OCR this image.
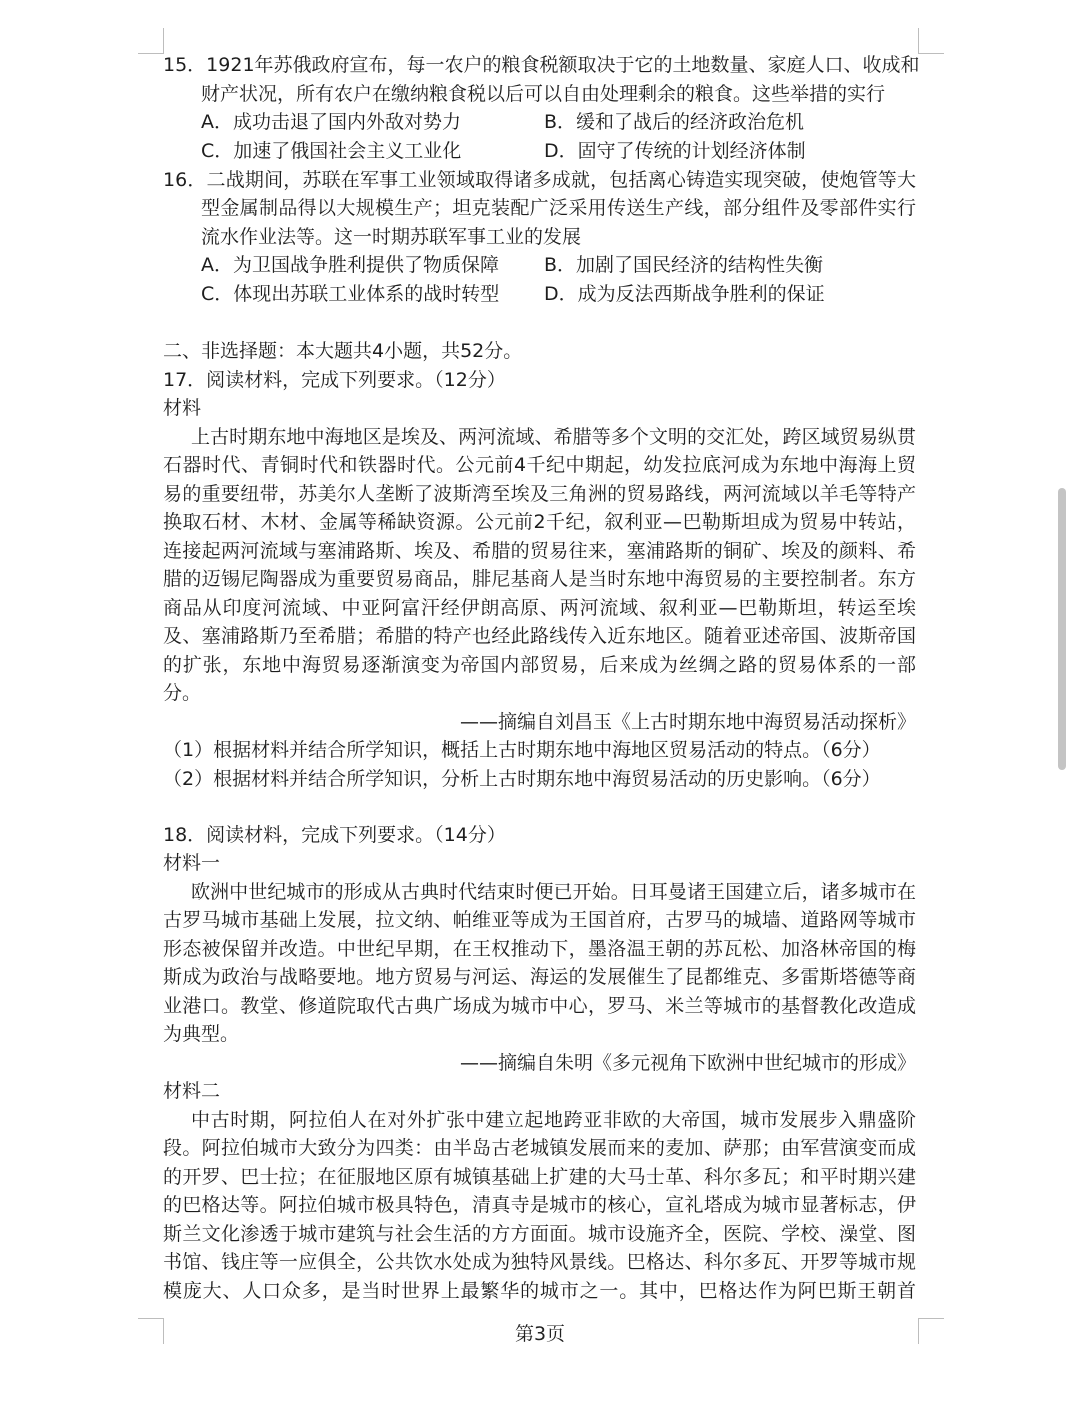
15．1921年苏俄政府宣布，每一农户的粮食税额取决于它的土地数量、家庭人口、收成和
财产状况，所有农户在缴纳粮食税以后可以自由处理剩余的粮食。这些举措的实行
A．成功击退了国内外敌对势力	B．缓和了战后的经济政治危机
C．加速了俄国社会主义工业化	D．固守了传统的计划经济体制
16．二战期间，苏联在军事工业领域取得诸多成就，包括离心铸造实现突破，使炮管等大
型金属制品得以大规模生产；坦克装配广泛采用传送生产线，部分组件及零部件实行
流水作业法等。这一时期苏联军事工业的发展
A．为卫国战争胜利提供了物质保障 B．加剧了国民经济的结构性失衡
C．体现出苏联工业体系的战时转型 D．成为反法西斯战争胜利的保证
二、非选择题：本大题共4小题，共52分。
17．阅读材料，完成下列要求。（12分）
材料
上古时期东地中海地区是埃及、两河流域、希腊等多个文明的交汇处，跨区域贸易纵贯
石器时代、青铜时代和铁器时代。公元前4千纪中期起，幼发拉底河成为东地中海海上贸
易的重要纽带，苏美尔人垄断了波斯湾至埃及三角洲的贸易路线，两河流域以羊毛等特产
换取石材、木材、金属等稀缺资源。公元前2千纪，叙利亚—巴勒斯坦成为贸易中转站，
连接起两河流域与塞浦路斯、埃及、希腊的贸易往来，塞浦路斯的铜矿、埃及的颜料、希
腊的迈锡尼陶器成为重要贸易商品，腓尼基商人是当时东地中海贸易的主要控制者。东方
商品从印度河流域、中亚阿富汗经伊朗高原、两河流域、叙利亚—巴勒斯坦，转运至埃
及、塞浦路斯乃至希腊；希腊的特产也经此路线传入近东地区。随着亚述帝国、波斯帝国
的扩张，东地中海贸易逐渐演变为帝国内部贸易，后来成为丝绸之路的贸易体系的一部
分。
——摘编自刘昌玉《上古时期东地中海贸易活动探析》
（1）根据材料并结合所学知识，概括上古时期东地中海地区贸易活动的特点。（6分）
（2）根据材料并结合所学知识，分析上古时期东地中海贸易活动的历史影响。（6分）
18．阅读材料，完成下列要求。（14分）
材料一
欧洲中世纪城市的形成从古典时代结束时便已开始。日耳曼诸王国建立后，诸多城市在
古罗马城市基础上发展，拉文纳、帕维亚等成为王国首府，古罗马的城墙、道路网等城市
形态被保留并改造。中世纪早期，在王权推动下，墨洛温王朝的苏瓦松、加洛林帝国的梅
斯成为政治与战略要地。地方贸易与河运、海运的发展催生了昆都维克、多雷斯塔德等商
业港口。教堂、修道院取代古典广场成为城市中心，罗马、米兰等城市的基督教化改造成
为典型。
——摘编自朱明《多元视角下欧洲中世纪城市的形成》
材料二
中古时期，阿拉伯人在对外扩张中建立起地跨亚非欧的大帝国，城市发展步入鼎盛阶
段。阿拉伯城市大致分为四类：由半岛古老城镇发展而来的麦加、萨那；由军营演变而成
的开罗、巴士拉；在征服地区原有城镇基础上扩建的大马士革、科尔多瓦；和平时期兴建
的巴格达等。阿拉伯城市极具特色，清真寺是城市的核心，宣礼塔成为城市显著标志，伊
斯兰文化渗透于城市建筑与社会生活的方方面面。城市设施齐全，医院、学校、澡堂、图
书馆、钱庄等一应俱全，公共饮水处成为独特风景线。巴格达、科尔多瓦、开罗等城市规
模庞大、人口众多，是当时世界上最繁华的城市之一。其中，巴格达作为阿巴斯王朝首
第3页
